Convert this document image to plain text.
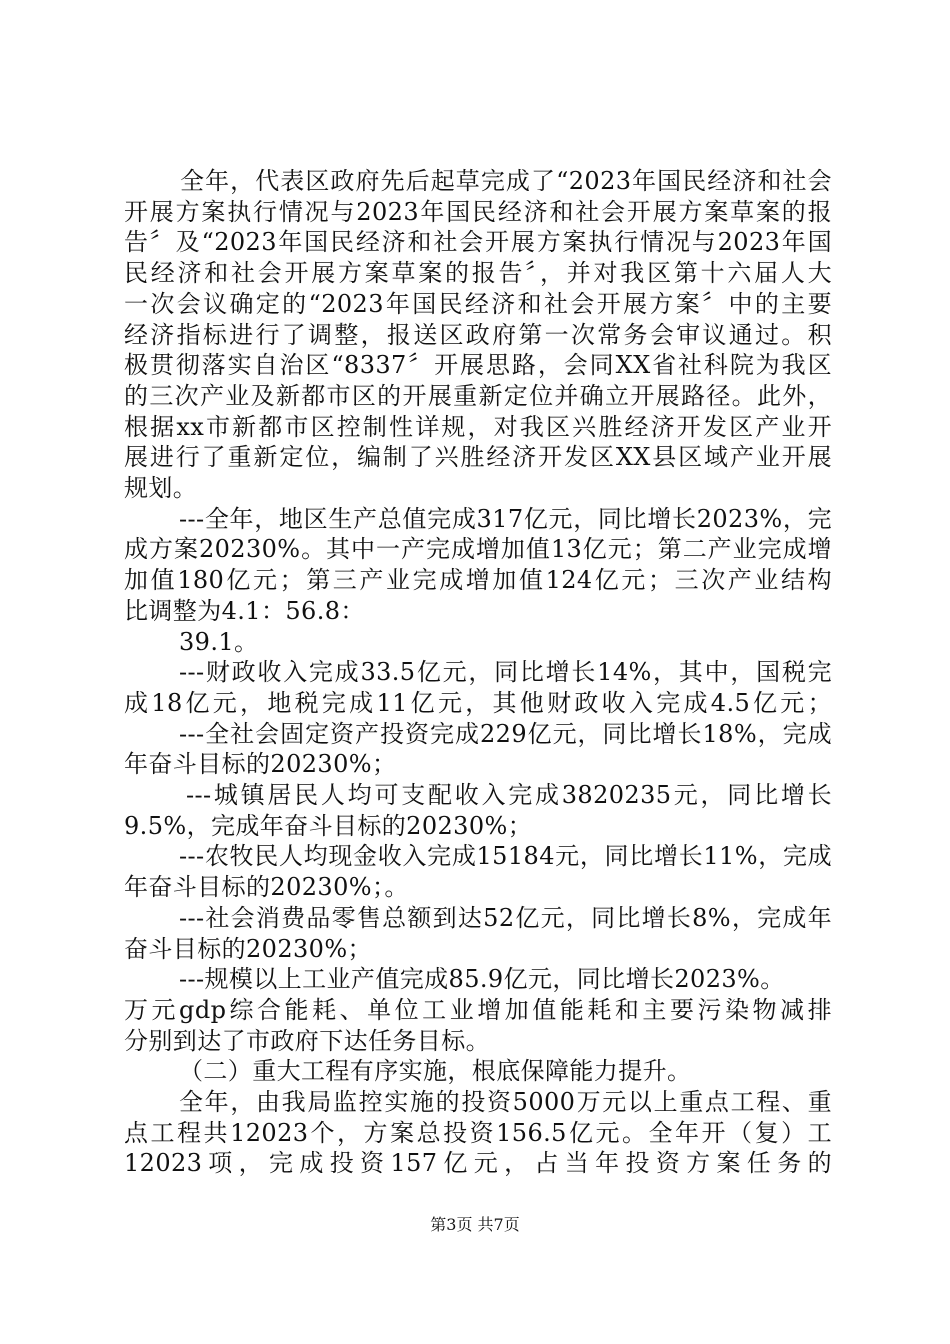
全年，代表区政府先后起草完成了“2023年国民经济和社会
开展方案执行情况与2023年国民经济和社会开展方案草案的报
告〞及“2023年国民经济和社会开展方案执行情况与2023年国
民经济和社会开展方案草案的报告〞，并对我区第十六届人大
一次会议确定的“2023年国民经济和社会开展方案〞中的主要
经济指标进行了调整，报送区政府第一次常务会审议通过。积
极贯彻落实自治区“8337〞开展思路，会同XX省社科院为我区
的三次产业及新都市区的开展重新定位并确立开展路径。此外，
根据xx市新都市区控制性详规，对我区兴胜经济开发区产业开
展进行了重新定位，编制了兴胜经济开发区XX县区域产业开展
规划。
---全年，地区生产总值完成317亿元，同比增长2023%，完
成方案20230%。其中一产完成增加值13亿元；第二产业完成增
加值180亿元；第三产业完成增加值124亿元；三次产业结构
比调整为4.1：56.8：
39.1。
---财政收入完成33.5亿元，同比增长14%，其中，国税完
成18亿元，地税完成11亿元，其他财政收入完成4.5亿元；
---全社会固定资产投资完成229亿元，同比增长18%，完成
年奋斗目标的20230%；
---城镇居民人均可支配收入完成3820235元，同比增长
9.5%，完成年奋斗目标的20230%；
---农牧民人均现金收入完成15184元，同比增长11%，完成
年奋斗目标的20230%；。
---社会消费品零售总额到达52亿元，同比增长8%，完成年
奋斗目标的20230%；
---规模以上工业产值完成85.9亿元，同比增长2023%。
万元gdp综合能耗、单位工业增加值能耗和主要污染物减排
分别到达了市政府下达任务目标。
（二）重大工程有序实施，根底保障能力提升。
全年，由我局监控实施的投资5000万元以上重点工程、重
点工程共12023个，方案总投资156.5亿元。全年开（复）工
12023项，完成投资157亿元，占当年投资方案任务的
第3页 共7页
